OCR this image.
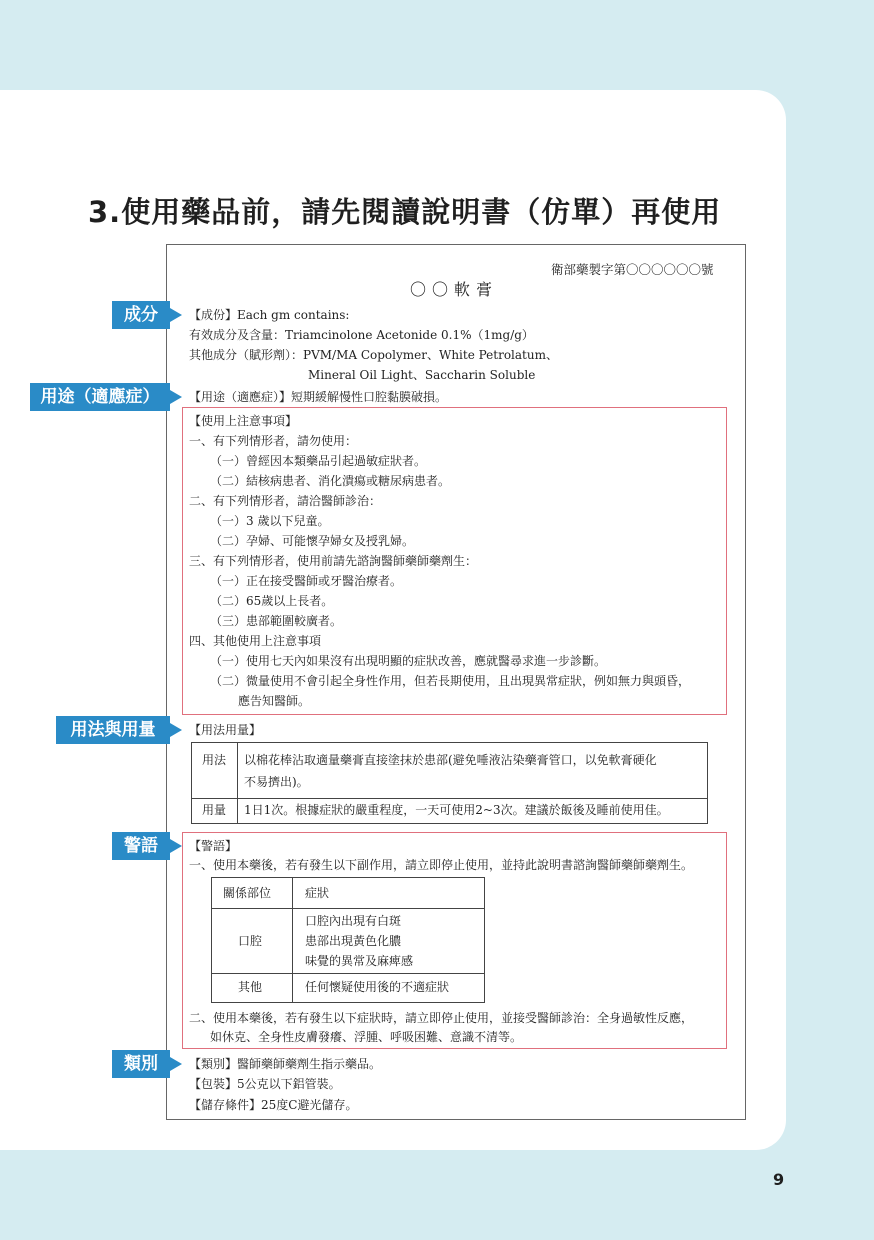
3.使用藥品前，請先閱讀說明書（仿單）再使用
衛部藥製字第〇〇〇〇〇〇號
〇〇軟膏
【成份】Each gm contains:
有效成分及含量：Triamcinolone Acetonide 0.1%（1mg/g）
其他成分（賦形劑）：PVM/MA Copolymer、White Petrolatum、
Mineral Oil Light、Saccharin Soluble
【用途（適應症）】短期緩解慢性口腔黏膜破損。
【使用上注意事項】
一、有下列情形者，請勿使用：
（一）曾經因本類藥品引起過敏症狀者。
（二）結核病患者、消化潰瘍或糖尿病患者。
二、有下列情形者，請洽醫師診治：
（一）3 歲以下兒童。
（二）孕婦、可能懷孕婦女及授乳婦。
三、有下列情形者，使用前請先諮詢醫師藥師藥劑生：
（一）正在接受醫師或牙醫治療者。
（二）65歲以上長者。
（三）患部範圍較廣者。
四、其他使用上注意事項
（一）使用七天內如果沒有出現明顯的症狀改善，應就醫尋求進一步診斷。
（二）微量使用不會引起全身性作用，但若長期使用，且出現異常症狀，例如無力與頭昏，
應告知醫師。
【用法用量】
用法 以棉花棒沾取適量藥膏直接塗抹於患部(避免唾液沾染藥膏管口，以免軟膏硬化
不易擠出)。
用量 1日1次。根據症狀的嚴重程度，一天可使用2~3次。建議於飯後及睡前使用佳。
【警語】
一、使用本藥後，若有發生以下副作用，請立即停止使用，並持此說明書諮詢醫師藥師藥劑生。
關係部位	症狀
口腔
口腔內出現有白斑
患部出現黃色化膿
味覺的異常及麻痺感
其他	任何懷疑使用後的不適症狀
二、使用本藥後，若有發生以下症狀時，請立即停止使用，並接受醫師診治：全身過敏性反應，
如休克、全身性皮膚發癢、浮腫、呼吸困難、意識不清等。
【類別】醫師藥師藥劑生指示藥品。
【包裝】5公克以下鋁管裝。
【儲存條件】25度C避光儲存。
成分
用途（適應症）
用法與用量
警語
類別
9
